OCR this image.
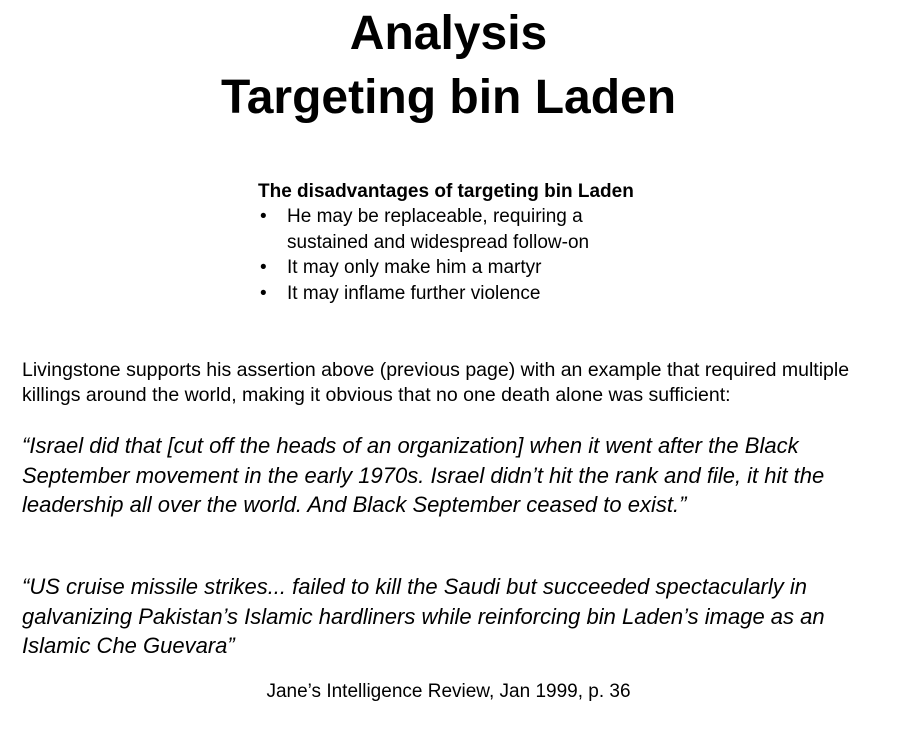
Analysis
Targeting bin Laden

The disadvantages of targeting bin Laden

• He may be replaceable, requiring a sustained and widespread follow-on
• It may only make him a martyr
• It may inflame further violence

Livingstone supports his assertion above (previous page) with an example that required multiple killings around the world, making it obvious that no one death alone was sufficient:

“Israel did that [cut off the heads of an organization] when it went after the Black September movement in the early 1970s. Israel didn’t hit the rank and file, it hit the leadership all over the world. And Black September ceased to exist.”

“US cruise missile strikes... failed to kill the Saudi but succeeded spectacularly in galvanizing Pakistan’s Islamic hardliners while reinforcing bin Laden’s image as an Islamic Che Guevara”

Jane’s Intelligence Review, Jan 1999, p. 36
